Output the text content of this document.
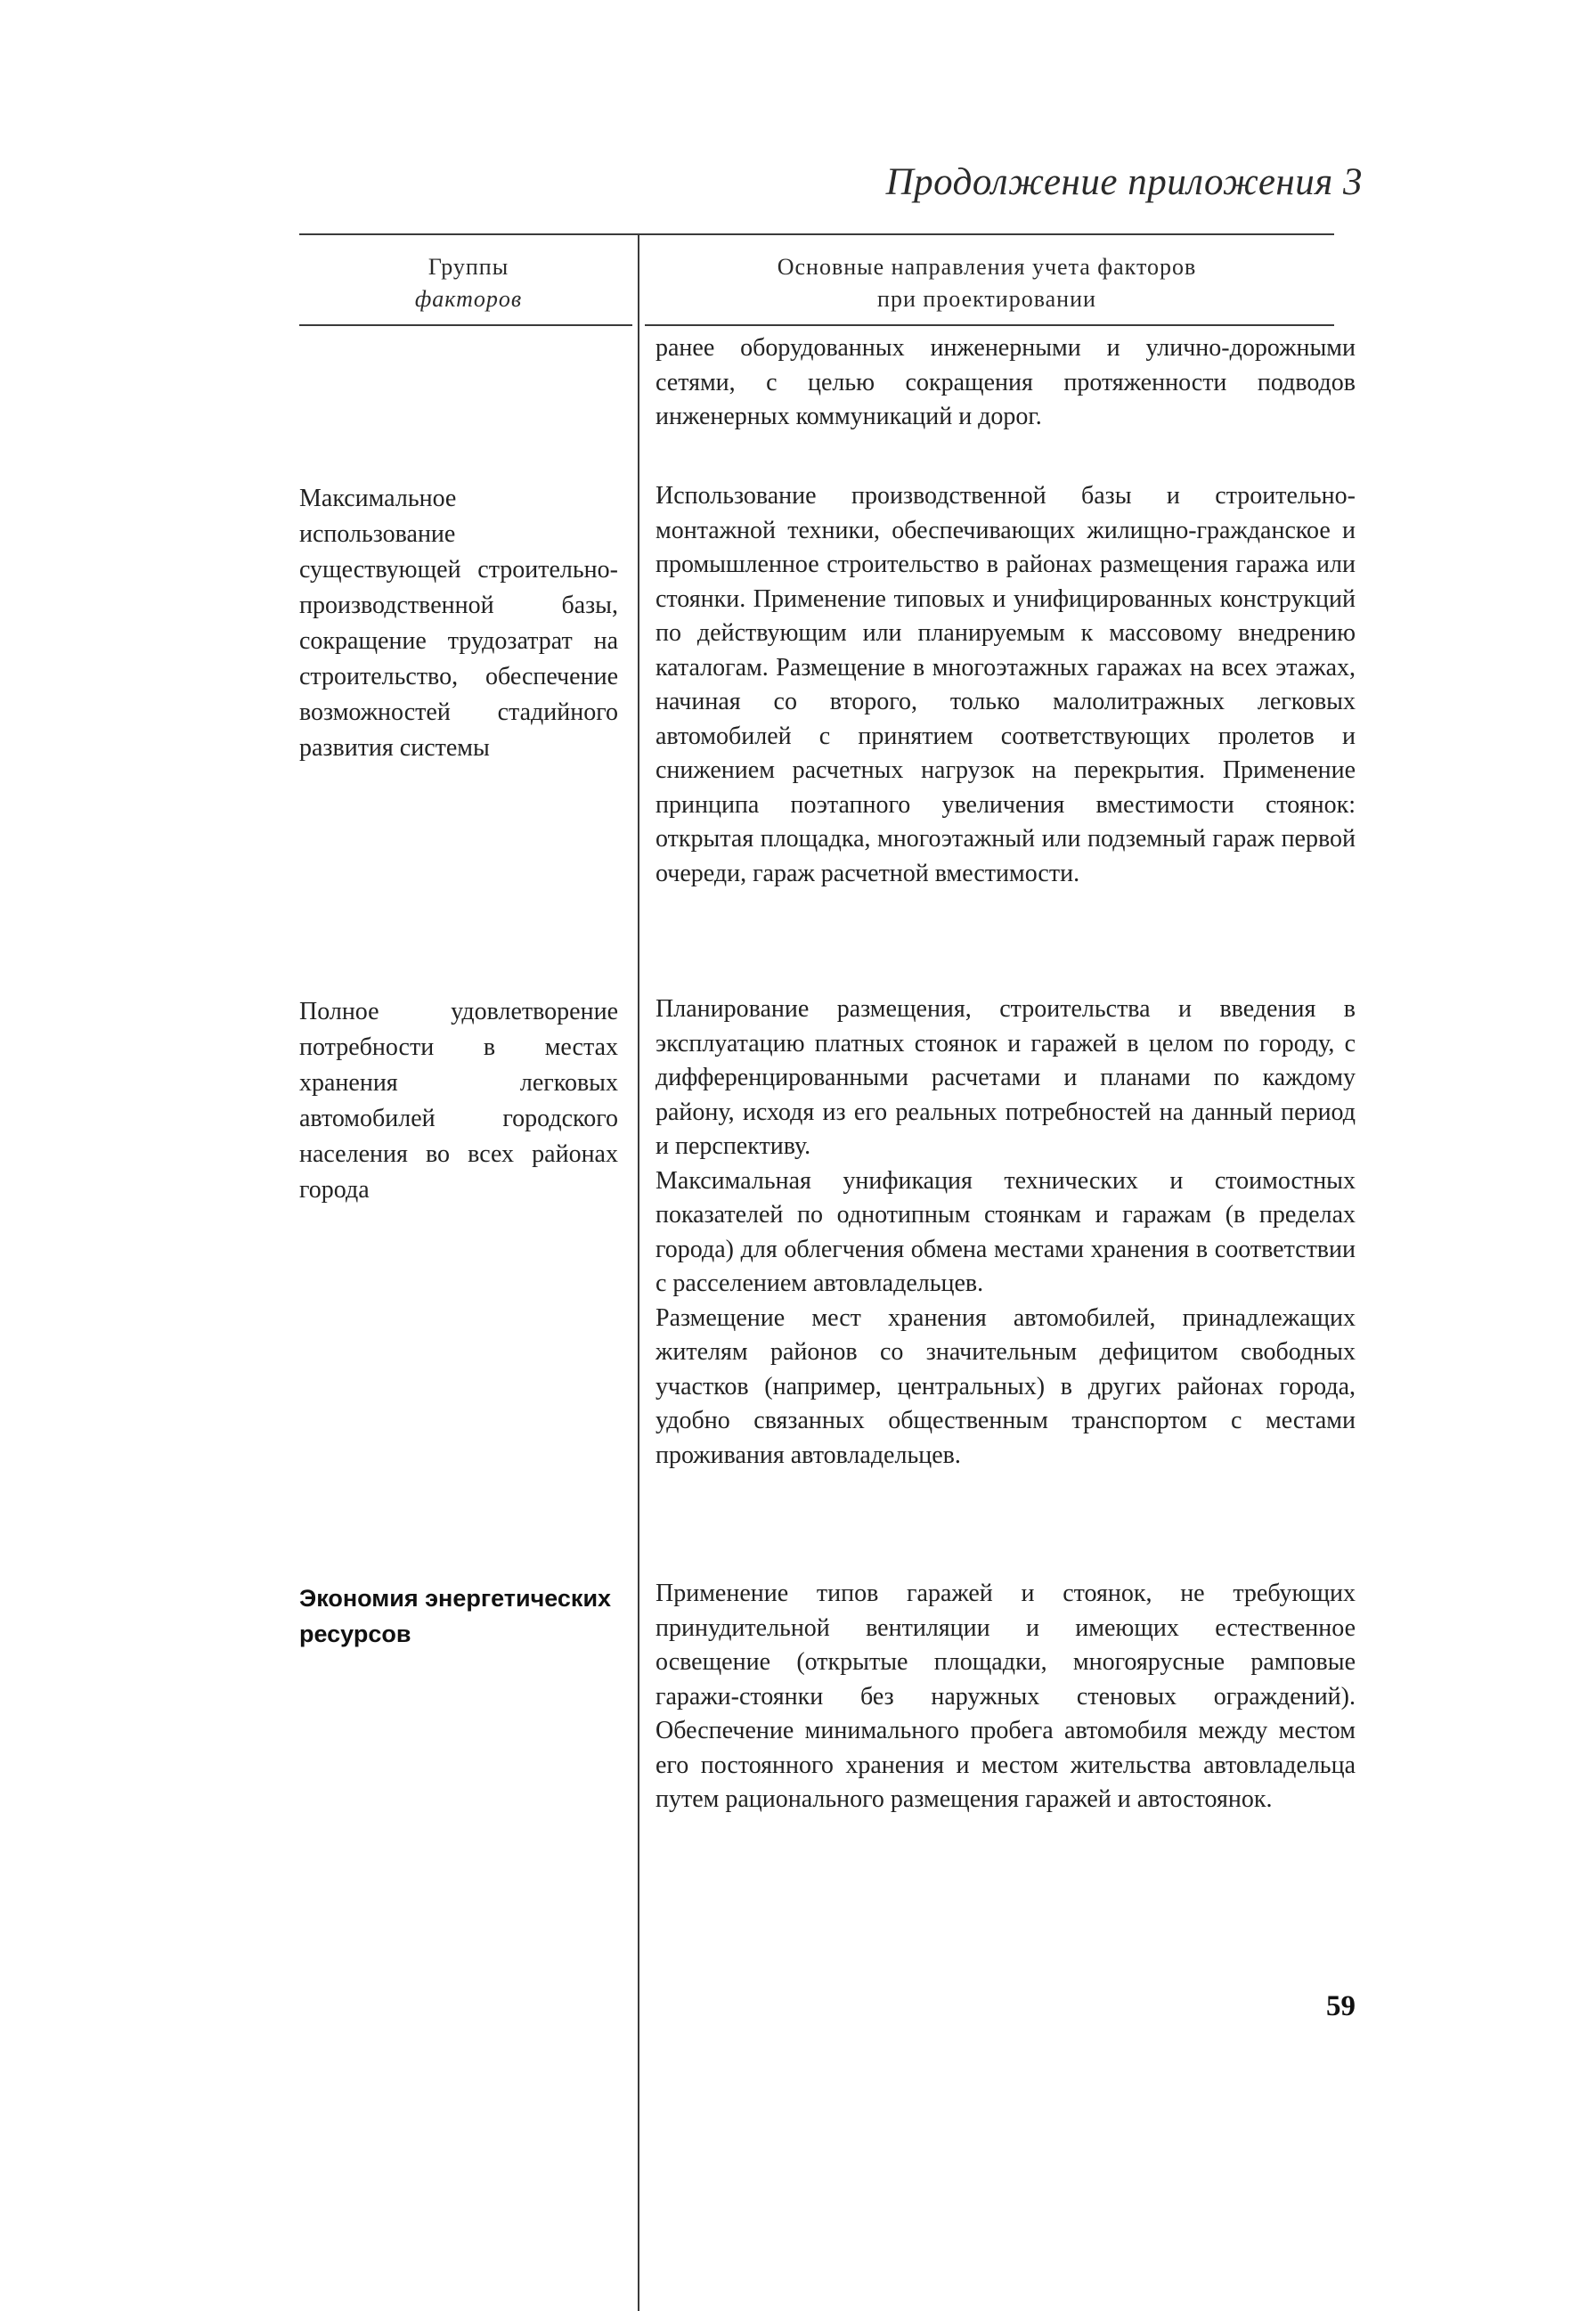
Продолжение приложения 3
Группы
факторов
Основные направления учета факторов
при проектировании

ранее оборудованных инженерными и улично-дорожными сетями, с целью сокращения протяженности подводов инженерных коммуникаций и дорог.

Максимальное использование существующей строительно-производственной базы, сокращение трудозатрат на строительство, обеспечение возможностей стадийного развития системы

Использование производственной базы и строительно-монтажной техники, обеспечивающих жилищно-гражданское и промышленное строительство в районах размещения гаража или стоянки. Применение типовых и унифицированных конструкций по действующим или планируемым к массовому внедрению каталогам. Размещение в многоэтажных гаражах на всех этажах, начиная со второго, только малолитражных легковых автомобилей с принятием соответствующих пролетов и снижением расчетных нагрузок на перекрытия. Применение принципа поэтапного увеличения вместимости стоянок: открытая площадка, многоэтажный или подземный гараж первой очереди, гараж расчетной вместимости.

Полное удовлетворение потребности в местах хранения легковых автомобилей городского населения во всех районах города

Планирование размещения, строительства и введения в эксплуатацию платных стоянок и гаражей в целом по городу, с дифференцированными расчетами и планами по каждому району, исходя из его реальных потребностей на данный период и перспективу.

Максимальная унификация технических и стоимостных показателей по однотипным стоянкам и гаражам (в пределах города) для облегчения обмена местами хранения в соответствии с расселением автовладельцев.

Размещение мест хранения автомобилей, принадлежащих жителям районов со значительным дефицитом свободных участков (например, центральных) в других районах города, удобно связанных общественным транспортом с местами проживания автовладельцев.

Экономия энергетических ресурсов

Применение типов гаражей и стоянок, не требующих принудительной вентиляции и имеющих естественное освещение (открытые площадки, многоярусные рамповые гаражи-стоянки без наружных стеновых ограждений). Обеспечение минимального пробега автомобиля между местом его постоянного хранения и местом жительства автовладельца путем рационального размещения гаражей и автостоянок.

59
